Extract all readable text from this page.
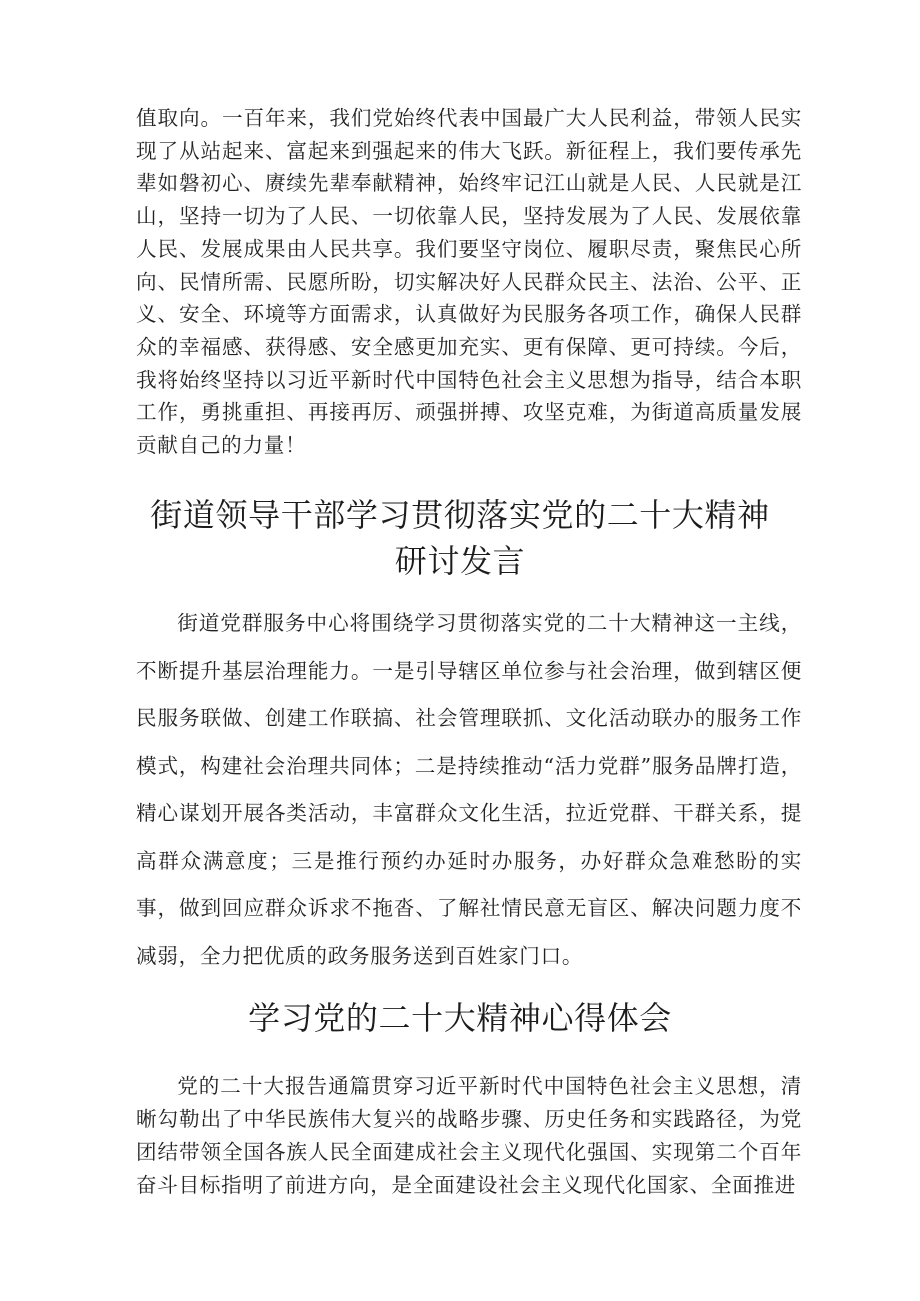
值取向。一百年来，我们党始终代表中国最广大人民利益，带领人民实现了从站起来、富起来到强起来的伟大飞跃。新征程上，我们要传承先辈如磐初心、赓续先辈奉献精神，始终牢记江山就是人民、人民就是江山，坚持一切为了人民、一切依靠人民，坚持发展为了人民、发展依靠人民、发展成果由人民共享。我们要坚守岗位、履职尽责，聚焦民心所向、民情所需、民愿所盼，切实解决好人民群众民主、法治、公平、正义、安全、环境等方面需求，认真做好为民服务各项工作，确保人民群众的幸福感、获得感、安全感更加充实、更有保障、更可持续。今后，我将始终坚持以习近平新时代中国特色社会主义思想为指导，结合本职工作，勇挑重担、再接再厉、顽强拼搏、攻坚克难，为街道高质量发展贡献自己的力量！

街道领导干部学习贯彻落实党的二十大精神
研讨发言

街道党群服务中心将围绕学习贯彻落实党的二十大精神这一主线，不断提升基层治理能力。一是引导辖区单位参与社会治理，做到辖区便民服务联做、创建工作联搞、社会管理联抓、文化活动联办的服务工作模式，构建社会治理共同体；二是持续推动“活力党群”服务品牌打造，精心谋划开展各类活动，丰富群众文化生活，拉近党群、干群关系，提高群众满意度；三是推行预约办延时办服务，办好群众急难愁盼的实事，做到回应群众诉求不拖沓、了解社情民意无盲区、解决问题力度不减弱，全力把优质的政务服务送到百姓家门口。

学习党的二十大精神心得体会

党的二十大报告通篇贯穿习近平新时代中国特色社会主义思想，清晰勾勒出了中华民族伟大复兴的战略步骤、历史任务和实践路径，为党团结带领全国各族人民全面建成社会主义现代化强国、实现第二个百年奋斗目标指明了前进方向，是全面建设社会主义现代化国家、全面推进
